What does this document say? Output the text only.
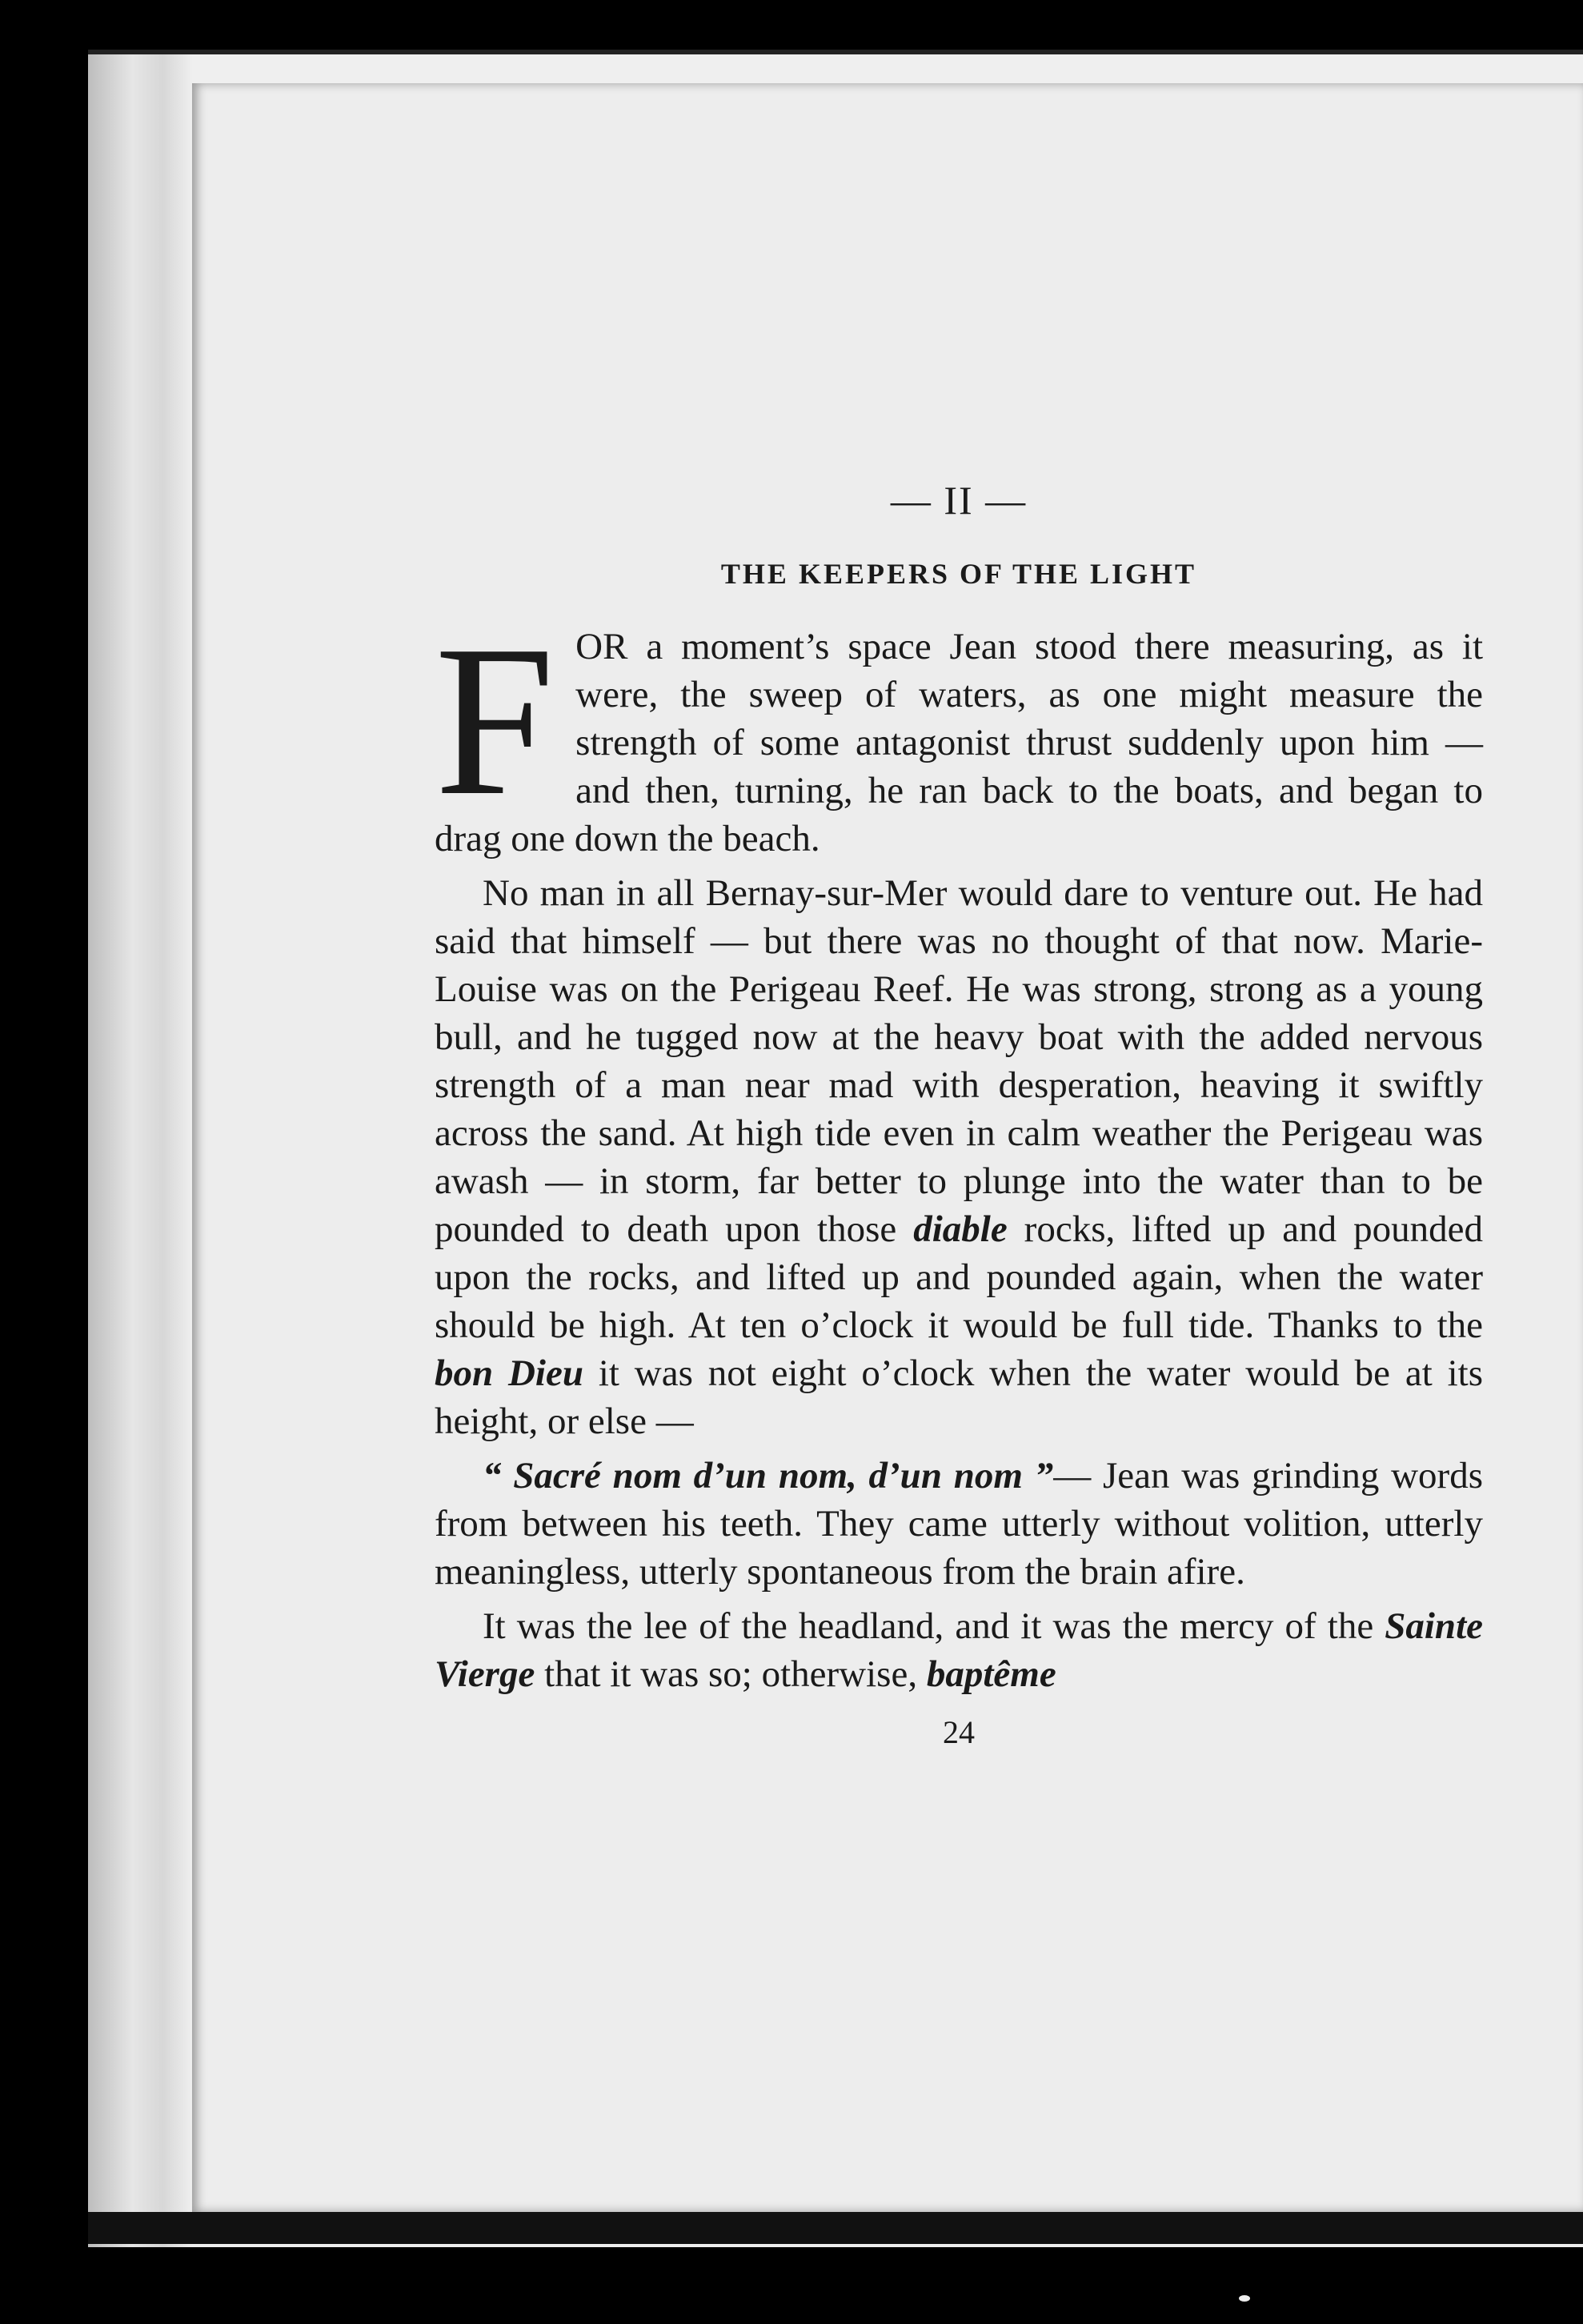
— II —
THE KEEPERS OF THE LIGHT

FOR a moment’s space Jean stood there measuring, as it were, the sweep of waters, as one might measure the strength of some antagonist thrust suddenly upon him — and then, turning, he ran back to the boats, and began to drag one down the beach.

No man in all Bernay-sur-Mer would dare to venture out. He had said that himself — but there was no thought of that now. Marie-Louise was on the Perigeau Reef. He was strong, strong as a young bull, and he tugged now at the heavy boat with the added nervous strength of a man near mad with desperation, heaving it swiftly across the sand. At high tide even in calm weather the Perigeau was awash — in storm, far better to plunge into the water than to be pounded to death upon those diable rocks, lifted up and pounded upon the rocks, and lifted up and pounded again, when the water should be high. At ten o’clock it would be full tide. Thanks to the bon Dieu it was not eight o’clock when the water would be at its height, or else —

“ Sacré nom d’un nom, d’un nom ”— Jean was grinding words from between his teeth. They came utterly without volition, utterly meaningless, utterly spontaneous from the brain afire.

It was the lee of the headland, and it was the mercy of the Sainte Vierge that it was so; otherwise, baptême

24
